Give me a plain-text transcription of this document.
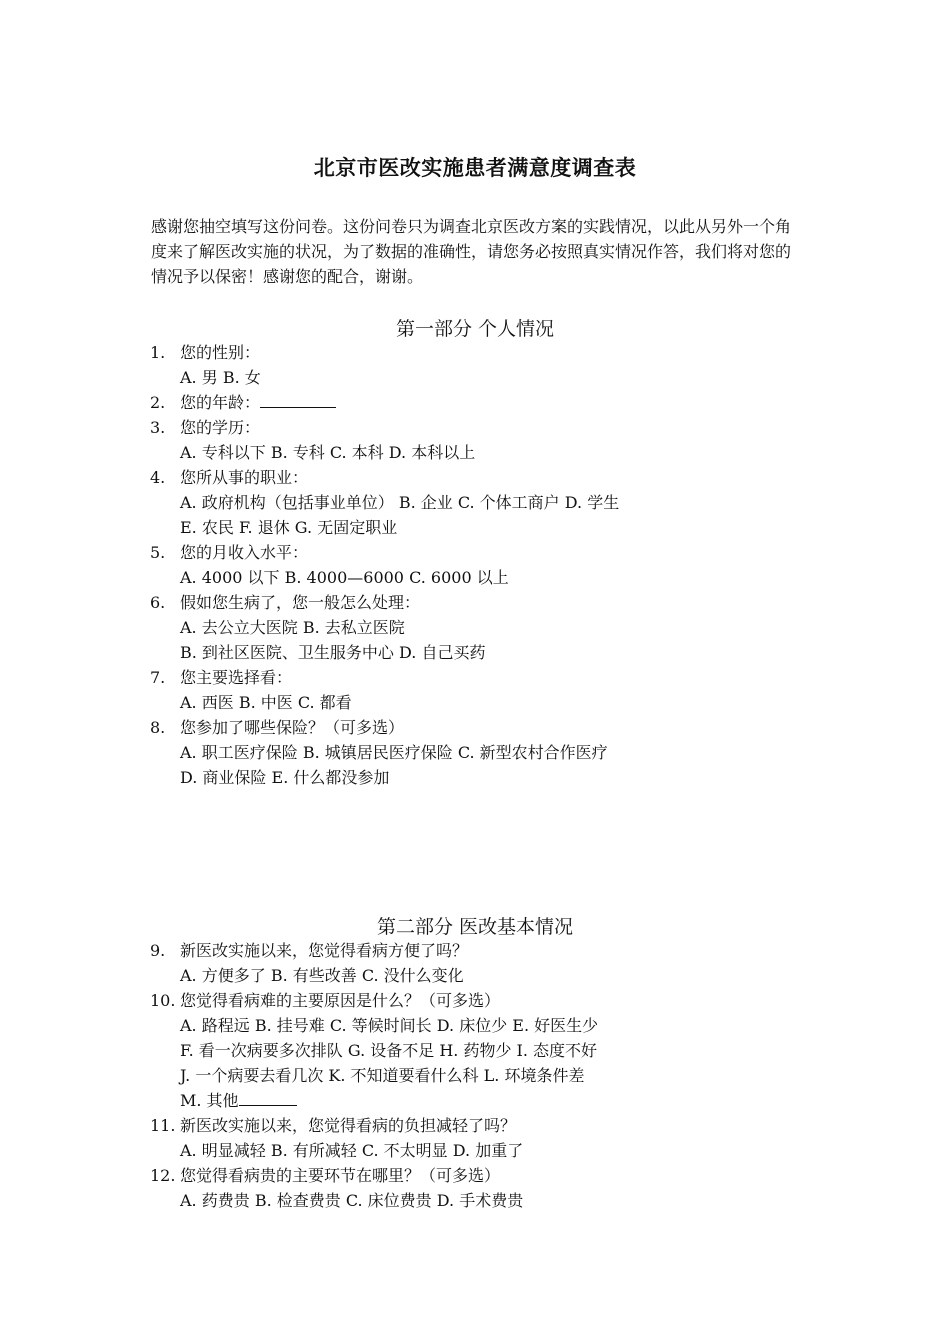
北京市医改实施患者满意度调查表
感谢您抽空填写这份问卷。这份问卷只为调查北京医改方案的实践情况，以此从另外一个角度来了解医改实施的状况，为了数据的准确性，请您务必按照真实情况作答，我们将对您的情况予以保密！感谢您的配合，谢谢。
第一部分 个人情况
1. 您的性别：
A. 男 B. 女
2. 您的年龄：
3. 您的学历：
A. 专科以下 B. 专科 C. 本科 D. 本科以上
4. 您所从事的职业：
A. 政府机构（包括事业单位） B. 企业 C. 个体工商户 D. 学生
E. 农民 F. 退休 G. 无固定职业
5. 您的月收入水平：
A. 4000 以下 B. 4000—6000 C. 6000 以上
6. 假如您生病了，您一般怎么处理：
A. 去公立大医院 B. 去私立医院
B. 到社区医院、卫生服务中心 D. 自己买药
7. 您主要选择看：
A. 西医 B. 中医 C. 都看
8. 您参加了哪些保险？（可多选）
A. 职工医疗保险 B. 城镇居民医疗保险 C. 新型农村合作医疗
D. 商业保险 E. 什么都没参加
第二部分 医改基本情况
9. 新医改实施以来，您觉得看病方便了吗？
A. 方便多了 B. 有些改善 C. 没什么变化
10. 您觉得看病难的主要原因是什么？（可多选）
A. 路程远 B. 挂号难 C. 等候时间长 D. 床位少 E. 好医生少
F. 看一次病要多次排队 G. 设备不足 H. 药物少 I. 态度不好
J. 一个病要去看几次 K. 不知道要看什么科 L. 环境条件差
M. 其他
11. 新医改实施以来，您觉得看病的负担减轻了吗？
A. 明显减轻 B. 有所减轻 C. 不太明显 D. 加重了
12. 您觉得看病贵的主要环节在哪里？（可多选）
A. 药费贵 B. 检查费贵 C. 床位费贵 D. 手术费贵
